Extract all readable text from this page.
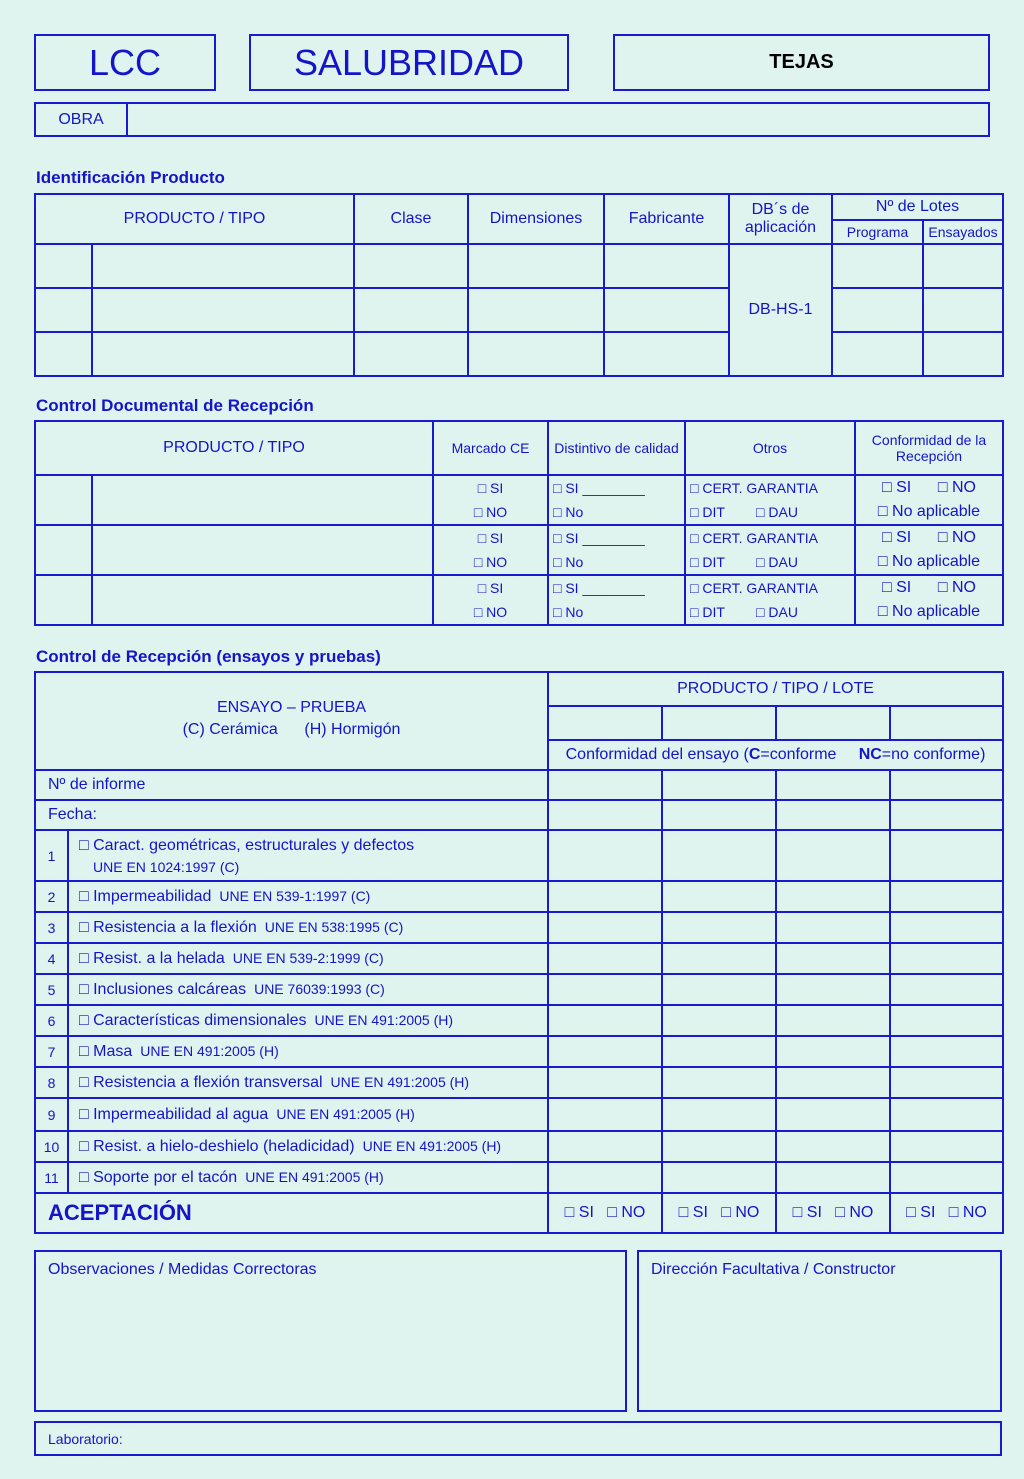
LCC	SALUBRIDAD	TEJAS
OBRA
Identificación Producto
PRODUCTO / TIPO		Clase	Dimensiones	Fabricante	DB´s de aplicación	Nº de Lotes	
						Programa	Ensayados
					DB-HS-1		

Control Documental de Recepción
PRODUCTO / TIPO		Marcado CE	Distintivo de calidad	Otros	Conformidad de la Recepción
		□ SI	□ SI ________	□ CERT. GARANTIA	□ SI □ NO
		□ NO	□ No	□ DIT □ DAU	□ No aplicable
		□ SI	□ SI ________	□ CERT. GARANTIA	□ SI □ NO
		□ NO	□ No	□ DIT □ DAU	□ No aplicable
		□ SI	□ SI ________	□ CERT. GARANTIA	□ SI □ NO
		□ NO	□ No	□ DIT □ DAU	□ No aplicable
Control de Recepción (ensayos y pruebas)
ENSAYO – PRUEBA
(C) Cerámica (H) Hormigón		PRODUCTO / TIPO / LOTE			

		Conformidad del ensayo (C=conforme NC=no conforme)			
Nº de informe					
Fecha:					
1	□ Caract. geométricas, estructurales y defectos
UNE EN 1024:1997 (C)				

2	□ Impermeabilidad UNE EN 539-1:1997 (C)				
3	□ Resistencia a la flexión UNE EN 538:1995 (C)				
4	□ Resist. a la helada UNE EN 539-2:1999 (C)				
5	□ Inclusiones calcáreas UNE 76039:1993 (C)				
6	□ Características dimensionales UNE EN 491:2005 (H)				
7	□ Masa UNE EN 491:2005 (H)				
8	□ Resistencia a flexión transversal UNE EN 491:2005 (H)				
9	□ Impermeabilidad al agua UNE EN 491:2005 (H)				
10	□ Resist. a hielo-deshielo (heladicidad) UNE EN 491:2005 (H)				
11	□ Soporte por el tacón UNE EN 491:2005 (H)				
ACEPTACIÓN		□ SI □ NO	□ SI □ NO	□ SI □ NO	□ SI □ NO
Observaciones / Medidas Correctoras	Dirección Facultativa / Constructor
Laboratorio:
